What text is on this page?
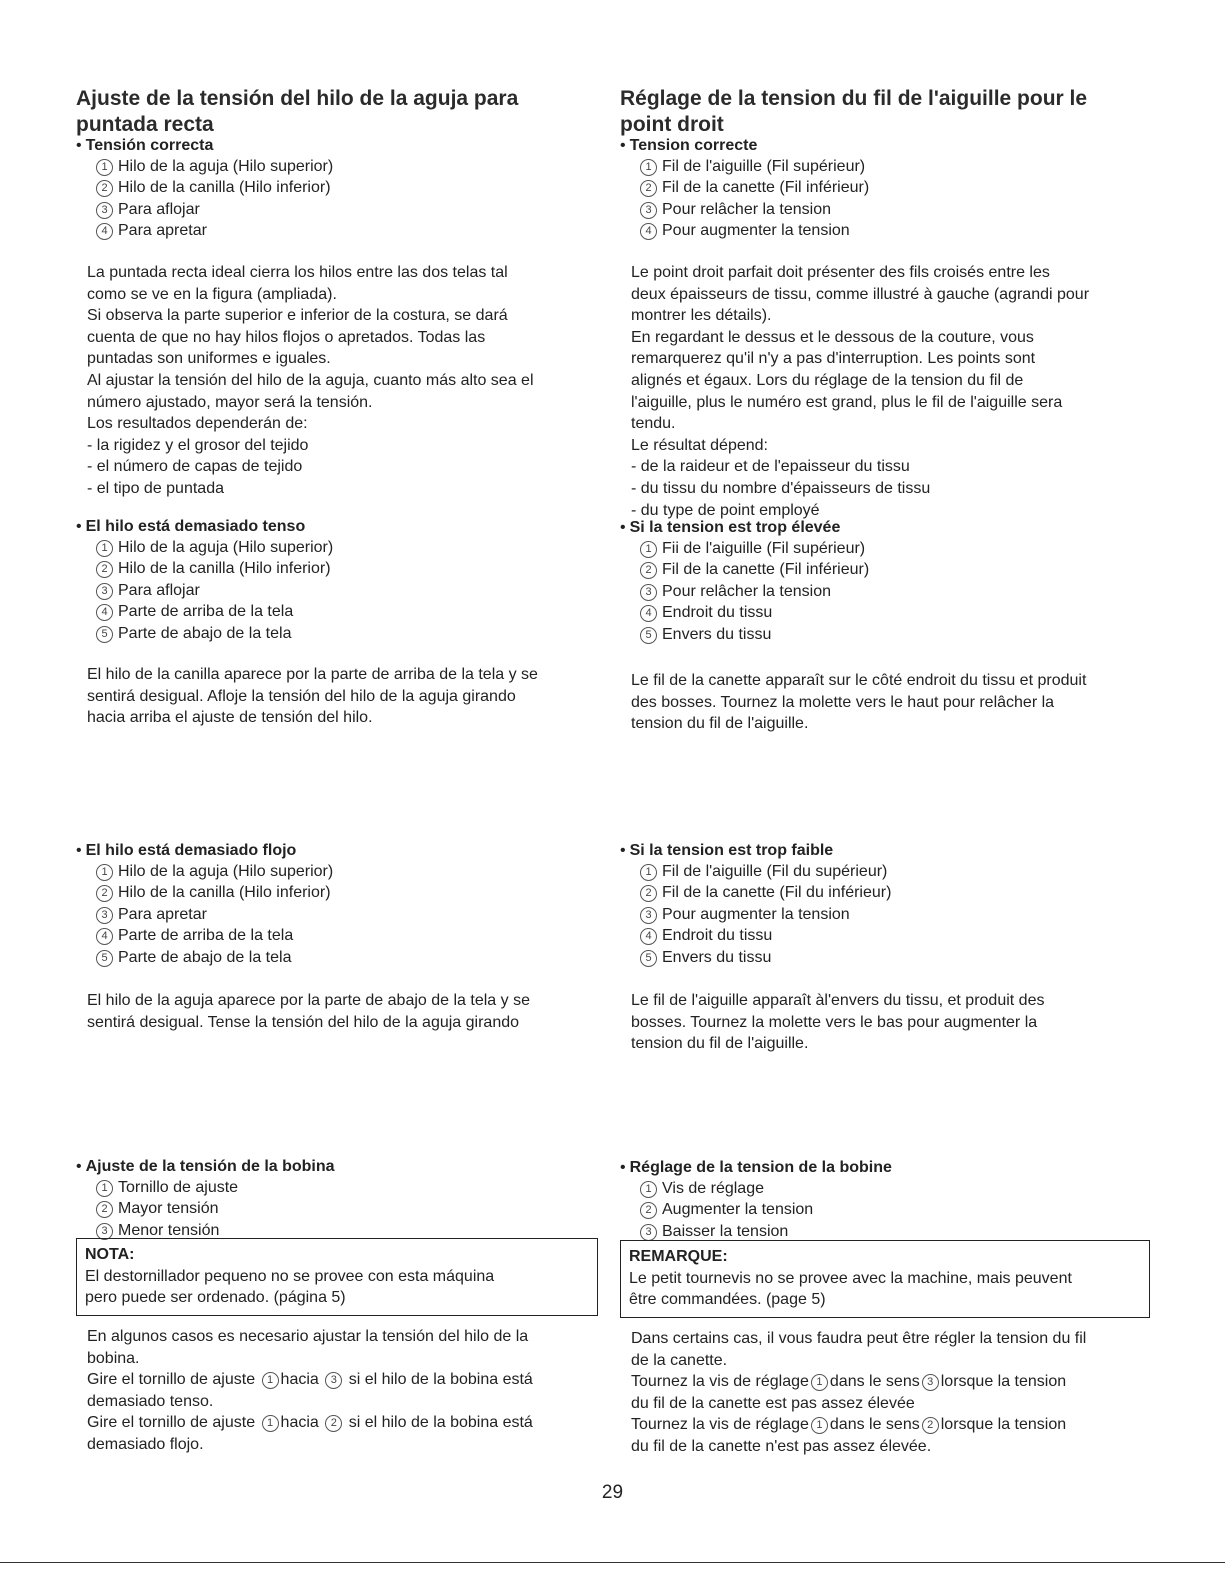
Ajuste de la tensión del hilo de la aguja para
puntada recta

• Tensión correcta

1 Hilo de la aguja (Hilo superior)
2 Hilo de la canilla (Hilo inferior)
3 Para aflojar
4 Para apretar

La puntada recta ideal cierra los hilos entre las dos telas tal

como se ve en la figura (ampliada).

Si observa la parte superior e inferior de la costura, se dará

cuenta de que no hay hilos flojos o apretados. Todas las

puntadas son uniformes e iguales.

Al ajustar la tensión del hilo de la aguja, cuanto más alto sea el

número ajustado, mayor será la tensión.

Los resultados dependerán de:

- la rigidez y el grosor del tejido

- el número de capas de tejido

- el tipo de puntada

• El hilo está demasiado tenso

1 Hilo de la aguja (Hilo superior)
2 Hilo de la canilla (Hilo inferior)
3 Para aflojar
4 Parte de arriba de la tela
5 Parte de abajo de la tela

El hilo de la canilla aparece por la parte de arriba de la tela y se

sentirá desigual. Afloje la tensión del hilo de la aguja girando

hacia arriba el ajuste de tensión del hilo.

• El hilo está demasiado flojo

1 Hilo de la aguja (Hilo superior)
2 Hilo de la canilla (Hilo inferior)
3 Para apretar
4 Parte de arriba de la tela
5 Parte de abajo de la tela

El hilo de la aguja aparece por la parte de abajo de la tela y se

sentirá desigual. Tense la tensión del hilo de la aguja girando

• Ajuste de la tensión de la bobina

1 Tornillo de ajuste
2 Mayor tensión
3 Menor tensión

NOTA:

El destornillador pequeno no se provee con esta máquina

pero puede ser ordenado. (página 5)

En algunos casos es necesario ajustar la tensión del hilo de la

bobina.

Gire el tornillo de ajuste 1 hacia 3 si el hilo de la bobina está

demasiado tenso.

Gire el tornillo de ajuste 1 hacia 2 si el hilo de la bobina está

demasiado flojo.

Réglage de la tension du fil de l'aiguille pour le
point droit

• Tension correcte

1 Fil de l'aiguille (Fil supérieur)
2 Fil de la canette (Fil inférieur)
3 Pour relâcher la tension
4 Pour augmenter la tension

Le point droit parfait doit présenter des fils croisés entre les

deux épaisseurs de tissu, comme illustré à gauche (agrandi pour

montrer les détails).

En regardant le dessus et le dessous de la couture, vous

remarquerez qu'il n'y a pas d'interruption. Les points sont

alignés et égaux. Lors du réglage de la tension du fil de

l'aiguille, plus le numéro est grand, plus le fil de l'aiguille sera

tendu.

Le résultat dépend:

- de la raideur et de l'epaisseur du tissu

- du tissu du nombre d'épaisseurs de tissu

- du type de point employé

• Si la tension est trop élevée

1 Fii de l'aiguille (Fil supérieur)
2 Fil de la canette (Fil inférieur)
3 Pour relâcher la tension
4 Endroit du tissu
5 Envers du tissu

Le fil de la canette apparaît sur le côté endroit du tissu et produit

des bosses. Tournez la molette vers le haut pour relâcher la

tension du fil de l'aiguille.

• Si la tension est trop faible

1 Fil de l'aiguille (Fil du supérieur)
2 Fil de la canette (Fil du inférieur)
3 Pour augmenter la tension
4 Endroit du tissu
5 Envers du tissu

Le fil de l'aiguille apparaît àl'envers du tissu, et produit des

bosses. Tournez la molette vers le bas pour augmenter la

tension du fil de l'aiguille.

• Réglage de la tension de la bobine

1 Vis de réglage
2 Augmenter la tension
3 Baisser la tension

REMARQUE:

Le petit tournevis no se provee avec la machine, mais peuvent

être commandées. (page 5)

Dans certains cas, il vous faudra peut être régler la tension du fil

de la canette.

Tournez la vis de réglage 1 dans le sens 3 lorsque la tension

du fil de la canette est pas assez élevée

Tournez la vis de réglage 1 dans le sens 2 lorsque la tension

du fil de la canette n'est pas assez élevée.

29
